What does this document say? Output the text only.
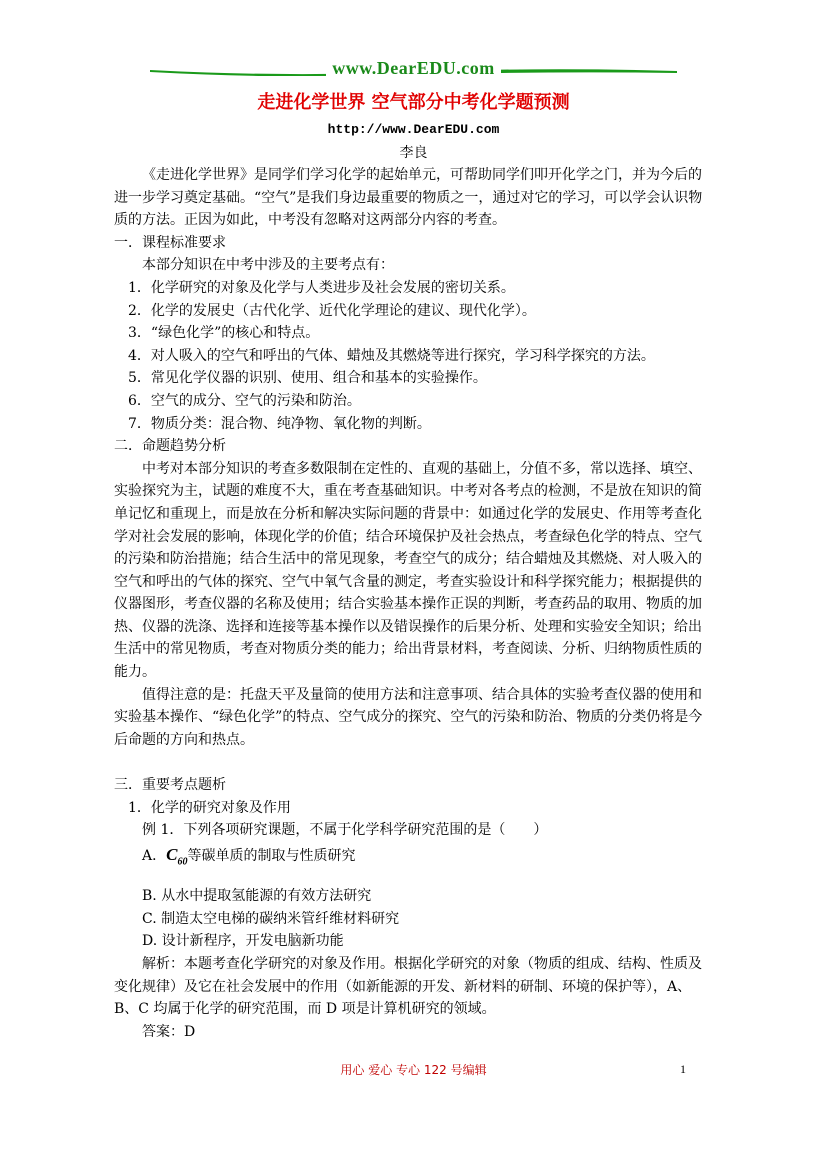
www.DearEDU.com
走进化学世界 空气部分中考化学题预测
http://www.DearEDU.com
李良

《走进化学世界》是同学们学习化学的起始单元，可帮助同学们叩开化学之门，并为今后的进一步学习奠定基础。“空气”是我们身边最重要的物质之一，通过对它的学习，可以学会认识物质的方法。正因为如此，中考没有忽略对这两部分内容的考查。

一．课程标准要求

本部分知识在中考中涉及的主要考点有：

1．化学研究的对象及化学与人类进步及社会发展的密切关系。

2．化学的发展史（古代化学、近代化学理论的建议、现代化学）。

3．“绿色化学”的核心和特点。

4．对人吸入的空气和呼出的气体、蜡烛及其燃烧等进行探究，学习科学探究的方法。

5．常见化学仪器的识别、使用、组合和基本的实验操作。

6．空气的成分、空气的污染和防治。

7．物质分类：混合物、纯净物、氧化物的判断。

二．命题趋势分析

中考对本部分知识的考查多数限制在定性的、直观的基础上，分值不多，常以选择、填空、实验探究为主，试题的难度不大，重在考查基础知识。中考对各考点的检测，不是放在知识的简单记忆和重现上，而是放在分析和解决实际问题的背景中：如通过化学的发展史、作用等考查化学对社会发展的影响，体现化学的价值；结合环境保护及社会热点，考查绿色化学的特点、空气的污染和防治措施；结合生活中的常见现象，考查空气的成分；结合蜡烛及其燃烧、对人吸入的空气和呼出的气体的探究、空气中氧气含量的测定，考查实验设计和科学探究能力；根据提供的仪器图形，考查仪器的名称及使用；结合实验基本操作正误的判断，考查药品的取用、物质的加热、仪器的洗涤、选择和连接等基本操作以及错误操作的后果分析、处理和实验安全知识；给出生活中的常见物质，考查对物质分类的能力；给出背景材料，考查阅读、分析、归纳物质性质的能力。

值得注意的是：托盘天平及量筒的使用方法和注意事项、结合具体的实验考查仪器的使用和实验基本操作、“绿色化学”的特点、空气成分的探究、空气的污染和防治、物质的分类仍将是今后命题的方向和热点。

三．重要考点题析

1．化学的研究对象及作用

例 1．下列各项研究课题，不属于化学科学研究范围的是（　　）

A．$C_{60}$等碳单质的制取与性质研究

B. 从水中提取氢能源的有效方法研究

C. 制造太空电梯的碳纳米管纤维材料研究

D. 设计新程序，开发电脑新功能

解析：本题考查化学研究的对象及作用。根据化学研究的对象（物质的组成、结构、性质及变化规律）及它在社会发展中的作用（如新能源的开发、新材料的研制、环境的保护等），A、B、C 均属于化学的研究范围，而 D 项是计算机研究的领域。

答案：D

用心 爱心 专心 122 号编辑	1
